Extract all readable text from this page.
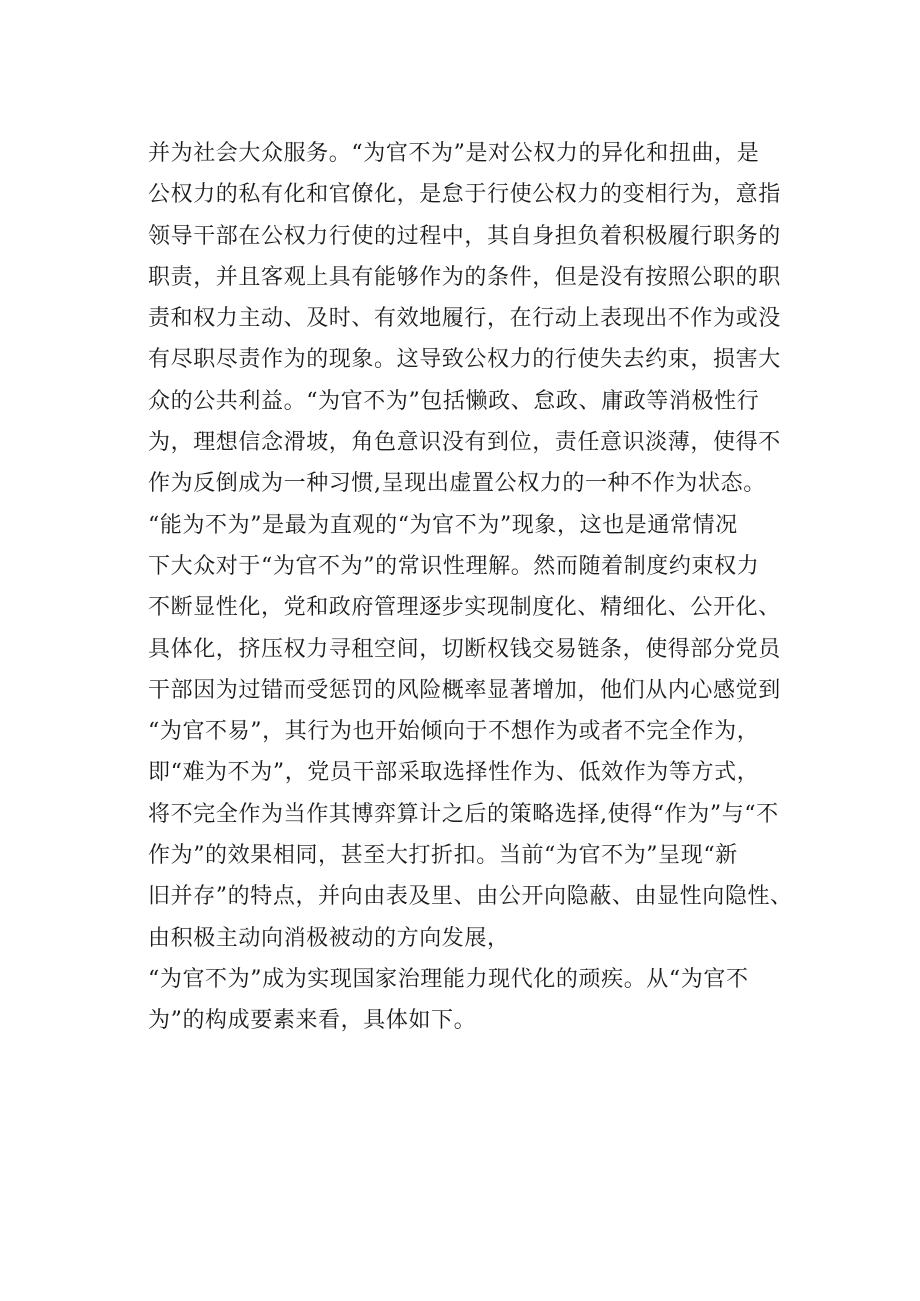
并为社会大众服务。“为官不为”是对公权力的异化和扭曲，是
公权力的私有化和官僚化，是怠于行使公权力的变相行为，意指
领导干部在公权力行使的过程中，其自身担负着积极履行职务的
职责，并且客观上具有能够作为的条件，但是没有按照公职的职
责和权力主动、及时、有效地履行，在行动上表现出不作为或没
有尽职尽责作为的现象。这导致公权力的行使失去约束，损害大
众的公共利益。“为官不为”包括懒政、怠政、庸政等消极性行
为，理想信念滑坡，角色意识没有到位，责任意识淡薄，使得不
作为反倒成为一种习惯,呈现出虚置公权力的一种不作为状态。
“能为不为”是最为直观的“为官不为”现象，这也是通常情况
下大众对于“为官不为”的常识性理解。然而随着制度约束权力
不断显性化，党和政府管理逐步实现制度化、精细化、公开化、
具体化，挤压权力寻租空间，切断权钱交易链条，使得部分党员
干部因为过错而受惩罚的风险概率显著增加，他们从内心感觉到
“为官不易”，其行为也开始倾向于不想作为或者不完全作为，
即“难为不为”，党员干部采取选择性作为、低效作为等方式，
将不完全作为当作其博弈算计之后的策略选择,使得“作为”与“不
作为”的效果相同，甚至大打折扣。当前“为官不为”呈现“新
旧并存”的特点，并向由表及里、由公开向隐蔽、由显性向隐性、
由积极主动向消极被动的方向发展，
“为官不为”成为实现国家治理能力现代化的顽疾。从“为官不
为”的构成要素来看，具体如下。
